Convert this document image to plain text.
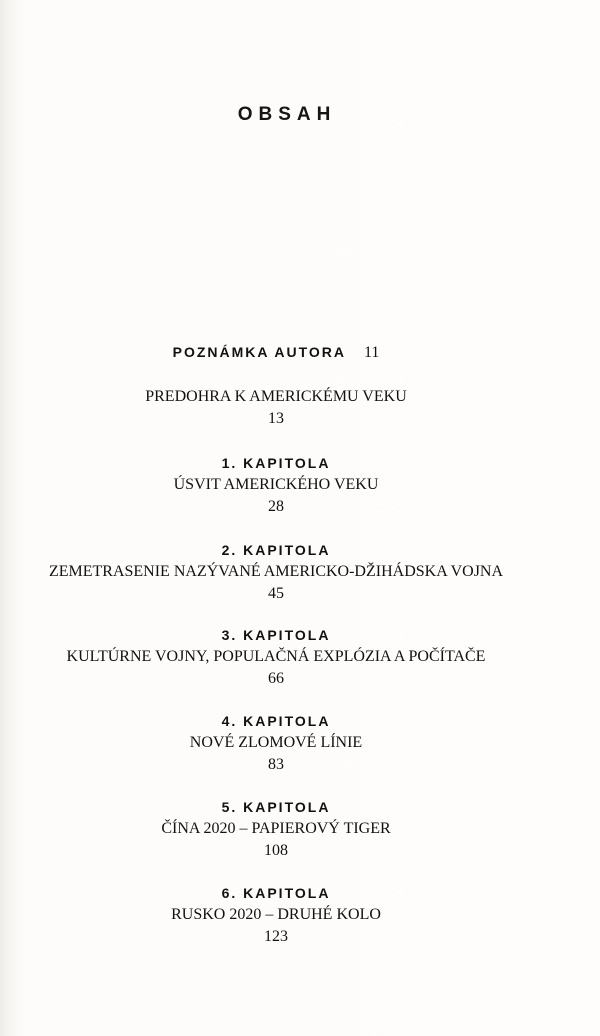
OBSAH
POZNÁMKA AUTORA 11
PREDOHRA K AMERICKÉMU VEKU
13
1. KAPITOLA
ÚSVIT AMERICKÉHO VEKU
28
2. KAPITOLA
ZEMETRASENIE NAZÝVANÉ AMERICKO-DŽIHÁDSKA VOJNA
45
3. KAPITOLA
KULTÚRNE VOJNY, POPULAČNÁ EXPLÓZIA A POČÍTAČE
66
4. KAPITOLA
NOVÉ ZLOMOVÉ LÍNIE
83
5. KAPITOLA
ČÍNA 2020 – PAPIEROVÝ TIGER
108
6. KAPITOLA
RUSKO 2020 – DRUHÉ KOLO
123
